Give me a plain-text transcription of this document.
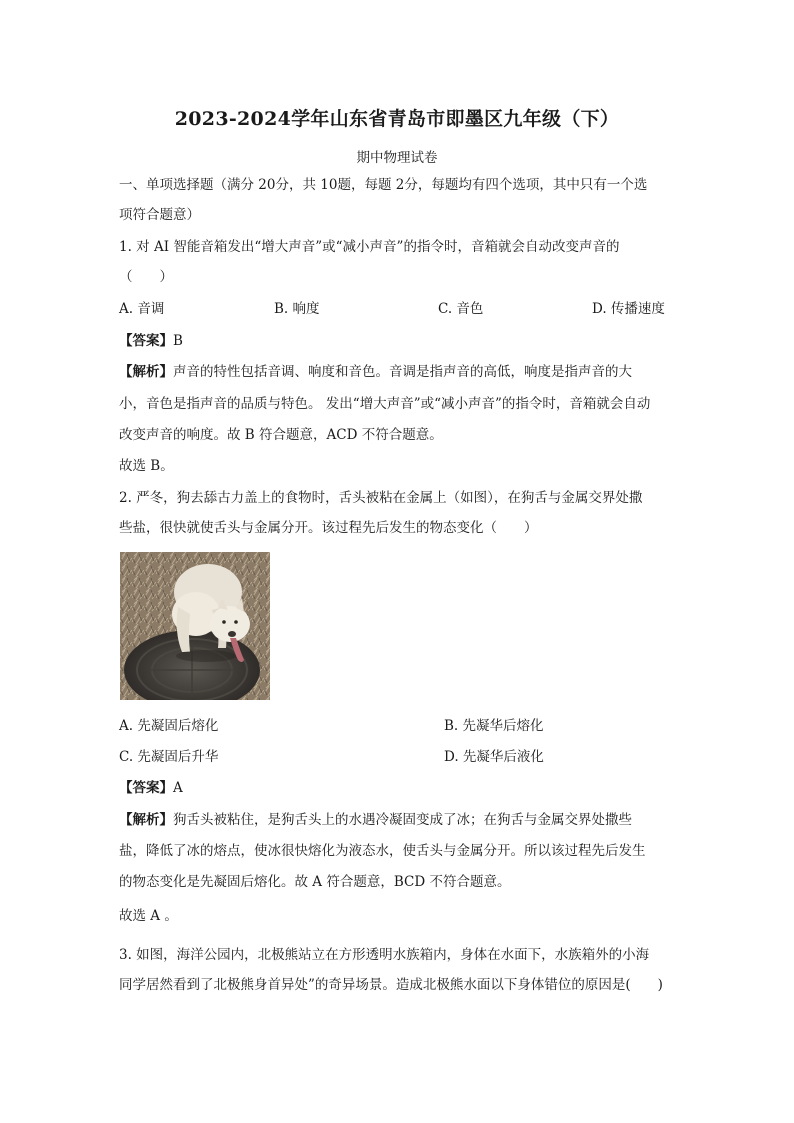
2023-2024学年山东省青岛市即墨区九年级（下）
期中物理试卷
一、单项选择题（满分 20分，共 10题，每题 2分，每题均有四个选项，其中只有一个选
项符合题意）
1. 对 AI 智能音箱发出“增大声音”或“减小声音”的指令时，音箱就会自动改变声音的
（　　）
A. 音调	B. 响度	C. 音色	D. 传播速度
【答案】B
【解析】声音的特性包括音调、响度和音色。音调是指声音的高低，响度是指声音的大
小，音色是指声音的品质与特色。 发出“增大声音”或“减小声音”的指令时，音箱就会自动
改变声音的响度。故 B 符合题意，ACD 不符合题意。
故选 B。
2. 严冬，狗去舔古力盖上的食物时，舌头被粘在金属上（如图），在狗舌与金属交界处撒
些盐，很快就使舌头与金属分开。该过程先后发生的物态变化（　　）
A. 先凝固后熔化	B. 先凝华后熔化
C. 先凝固后升华	D. 先凝华后液化
【答案】A
【解析】狗舌头被粘住，是狗舌头上的水遇冷凝固变成了冰；在狗舌与金属交界处撒些
盐，降低了冰的熔点，使冰很快熔化为液态水，使舌头与金属分开。所以该过程先后发生
的物态变化是先凝固后熔化。故 A 符合题意，BCD 不符合题意。
故选 A 。
3. 如图，海洋公园内，北极熊站立在方形透明水族箱内，身体在水面下，水族箱外的小海
同学居然看到了北极熊身首异处”的奇异场景。造成北极熊水面以下身体错位的原因是(　　)
